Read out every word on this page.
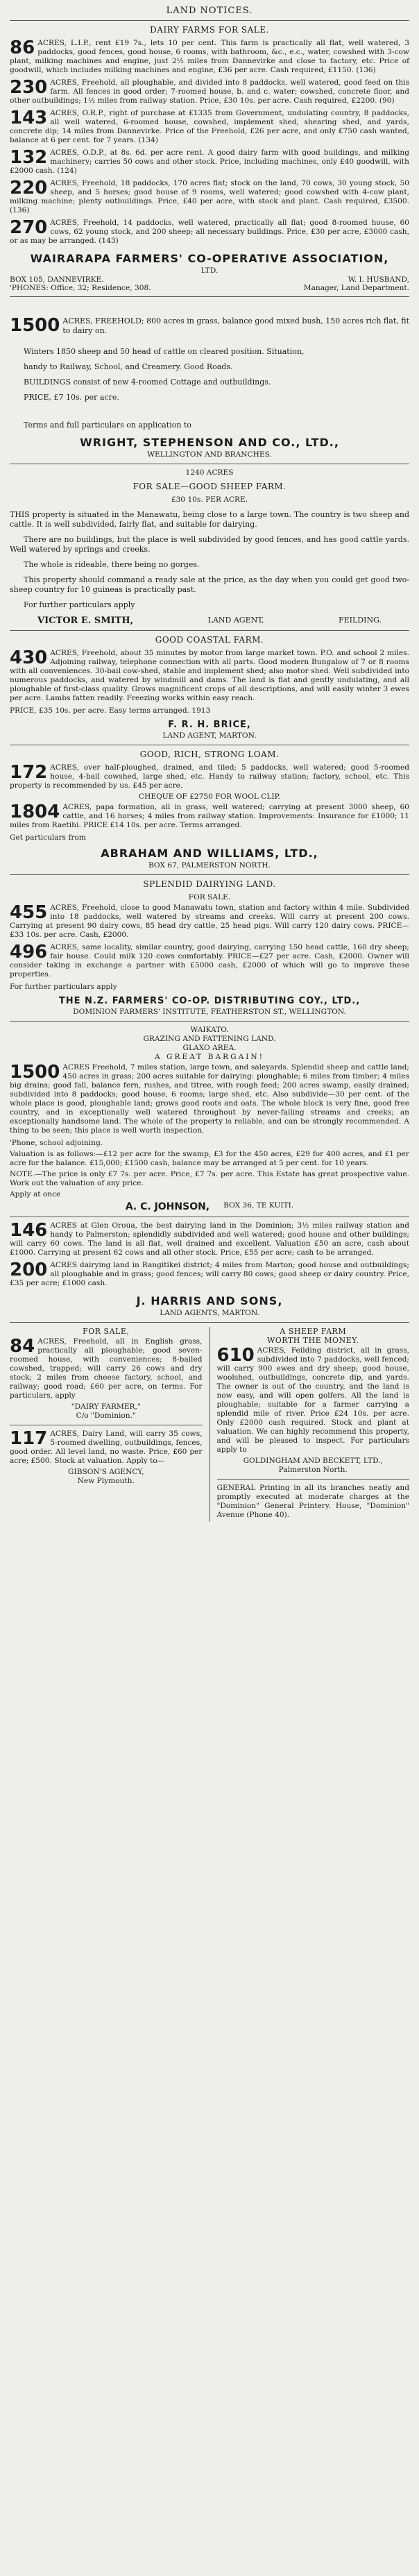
LAND NOTICES.
DAIRY FARMS FOR SALE.
86 ACRES, L.I.P., rent £19 7s., lets 10 per cent. This farm is practically all flat, well watered, 3 paddocks, good fences, good house, 6 rooms, with bathroom, &c., e.c., water, cowshed with 3-cow plant, milking machines and engine, just 2½ miles from Dannevirke and close to factory, etc. Price of goodwill, which includes milking machines and engine, £36 per acre. Cash required, £1150. (136)
230 ACRES, Freehold, all ploughable, and divided into 8 paddocks, well watered, good feed on this farm. All fences in good order; 7-roomed house, b. and c. water; cowshed, concrete floor, and other outbuildings; 1½ miles from railway station. Price, £30 10s. per acre. Cash required, £2200. (90)
143 ACRES, O.R.P., right of purchase at £1335 from Government, undulating country, 8 paddocks, all well watered, 6-roomed house, cowshed, implement shed, shearing shed, and yards, concrete dip; 14 miles from Dannevirke. Price of the Freehold, £26 per acre, and only £750 cash wanted, balance at 6 per cent. for 7 years. (134)
132 ACRES, O.D.P., at 8s. 6d. per acre rent. A good dairy farm with good buildings, and milking machinery; carries 50 cows and other stock. Price, including machines, only £40 goodwill, with £2000 cash. (124)
220 ACRES, Freehold, 18 paddocks, 170 acres flat; stock on the land, 70 cows, 30 young stock, 50 sheep, and 5 horses; good house of 9 rooms, well watered; good cowshed with 4-cow plant, milking machine; plenty outbuildings. Price, £40 per acre, with stock and plant. Cash required, £3500. (136)
270 ACRES, Freehold, 14 paddocks, well watered, practically all flat; good 8-roomed house, 60 cows, 62 young stock, and 200 sheep; all necessary buildings. Price, £30 per acre, £3000 cash, or as may be arranged. (143)
WAIRARAPA FARMERS' CO-OPERATIVE ASSOCIATION,
LTD.
BOX 105, DANNEVIRKE.	W. I. HUSBAND,
'PHONES: Office, 32; Residence, 308.	Manager, Land Department.
1500 ACRES, FREEHOLD; 800 acres in grass, balance good mixed bush, 150 acres rich flat, fit to dairy on.
Winters 1850 sheep and 50 head of cattle on cleared position. Situation,
handy to Railway, School, and Creamery. Good Roads.
BUILDINGS consist of new 4-roomed Cottage and outbuildings.
PRICE, £7 10s. per acre.
Terms and full particulars on application to
WRIGHT, STEPHENSON AND CO., LTD.,
WELLINGTON AND BRANCHES.
1240 ACRES
FOR SALE—GOOD SHEEP FARM.
£30 10s. PER ACRE.
THIS property is situated in the Manawatu, being close to a large town. The country is two sheep and cattle. It is well subdivided, fairly flat, and suitable for dairying.
There are no buildings, but the place is well subdivided by good fences, and has good cattle yards. Well watered by springs and creeks.
The whole is rideable, there being no gorges.
This property should command a ready sale at the price, as the day when you could get good two-sheep country for 10 guineas is practically past.
For further particulars apply
VICTOR E. SMITH,	LAND AGENT,	FEILDING.
GOOD COASTAL FARM.
430 ACRES, Freehold, about 35 minutes by motor from large market town. P.O. and school 2 miles. Adjoining railway, telephone connection with all parts. Good modern Bungalow of 7 or 8 rooms with all conveniences. 30-bail cow-shed, stable and implement shed; also motor shed. Well subdivided into numerous paddocks, and watered by windmill and dams. The land is flat and gently undulating, and all ploughable of first-class quality. Grows magnificent crops of all descriptions, and will easily winter 3 ewes per acre. Lambs fatten readily. Freezing works within easy reach.
PRICE, £35 10s. per acre. Easy terms arranged. 1913
F. R. H. BRICE,
LAND AGENT, MARTON.
GOOD, RICH, STRONG LOAM.
172 ACRES, over half-ploughed, drained, and tiled; 5 paddocks, well watered; good 5-roomed house, 4-bail cowshed, large shed, etc. Handy to railway station; factory, school, etc. This property is recommended by us. £45 per acre.
CHEQUE OF £2750 FOR WOOL CLIP.
1804 ACRES, papa formation, all in grass, well watered; carrying at present 3000 sheep, 60 cattle, and 16 horses; 4 miles from railway station. Improvements: Insurance for £1000; 11 miles from Raetihi. PRICE £14 10s. per acre. Terms arranged.
Get particulars from
ABRAHAM AND WILLIAMS, LTD.,
BOX 67, PALMERSTON NORTH.
SPLENDID DAIRYING LAND.
FOR SALE.
455 ACRES, Freehold, close to good Manawatu town, station and factory within 4 mile. Subdivided into 18 paddocks, well watered by streams and creeks. Will carry at present 200 cows. Carrying at present 90 dairy cows, 85 head dry cattle, 25 head pigs. Will carry 120 dairy cows. PRICE—£33 10s. per acre. Cash, £2000.
496 ACRES, same locality, similar country, good dairying, carrying 150 head cattle, 160 dry sheep; fair house. Could milk 120 cows comfortably. PRICE—£27 per acre. Cash, £2000. Owner will consider taking in exchange a partner with £5000 cash, £2000 of which will go to improve these properties.
For further particulars apply
THE N.Z. FARMERS' CO-OP. DISTRIBUTING COY., LTD.,
DOMINION FARMERS' INSTITUTE, FEATHERSTON ST., WELLINGTON.
WAIKATO.
GRAZING AND FATTENING LAND.
GLAXO AREA.
A GREAT BARGAIN!
1500 ACRES Freehold, 7 miles station, large town, and saleyards. Splendid sheep and cattle land; 450 acres in grass; 200 acres suitable for dairying: ploughable; 6 miles from timber; 4 miles big drains; good fall, balance fern, rushes, and titree, with rough feed; 200 acres swamp, easily drained; subdivided into 8 paddocks; good house, 6 rooms; large shed, etc. Also subdivide—30 per cent. of the whole place is good, ploughable land; grows good roots and oats. The whole block is very fine, good free country, and in exceptionally well watered throughout by never-failing streams and creeks; an exceptionally handsome land. The whole of the property is reliable, and can be strongly recommended. A thing to be seen; this place is well worth inspection.
'Phone, school adjoining.
Valuation is as follows:—£12 per acre for the swamp, £3 for the 450 acres, £29 for 400 acres, and £1 per acre for the balance. £15,000; £1500 cash, balance may be arranged at 5 per cent. for 10 years.
NOTE.—The price is only £7 7s. per acre. Price, £7 7s. per acre. This Estate has great prospective value. Work out the valuation of any price.
Apply at once
A. C. JOHNSON, BOX 36, TE KUITI.
146 ACRES at Glen Oroua, the best dairying land in the Dominion; 3½ miles railway station and handy to Palmerston; splendidly subdivided and well watered; good house and other buildings; will carry 60 cows. The land is all flat, well drained and excellent. Valuation £50 an acre, cash about £1000. Carrying at present 62 cows and all other stock. Price, £55 per acre; cash to be arranged.
200 ACRES dairying land in Rangitikei district; 4 miles from Marton; good house and outbuildings; all ploughable and in grass; good fences; will carry 80 cows; good sheep or dairy country. Price, £35 per acre; £1000 cash.
J. HARRIS AND SONS,
LAND AGENTS, MARTON.
FOR SALE,
84 ACRES, Freehold, all in English grass, practically all ploughable; good seven-roomed house, with conveniences; 8-bailed cowshed, trapped; will carry 26 cows and dry stock; 2 miles from cheese factory, school, and railway; good road; £60 per acre, on terms. For particulars, apply
"DAIRY FARMER,"
C/o "Dominion."
117 ACRES, Dairy Land, will carry 35 cows, 5-roomed dwelling, outbuildings, fences, good order. All level land, no waste. Price, £60 per acre; £500. Stock at valuation. Apply to—
GIBSON'S AGENCY,
New Plymouth.
A SHEEP FARM
WORTH THE MONEY.
610 ACRES, Feilding district, all in grass, subdivided into 7 paddocks, well fenced; will carry 900 ewes and dry sheep; good house, woolshed, outbuildings, concrete dip, and yards. The owner is out of the country, and the land is now easy, and will open golfers. All the land is ploughable; suitable for a farmer carrying a splendid mile of river. Price £24 10s. per acre. Only £2000 cash required. Stock and plant at valuation. We can highly recommend this property, and will be pleased to inspect. For particulars apply to
GOLDINGHAM AND BECKETT, LTD.,
Palmerston North.
GENERAL Printing in all its branches neatly and promptly executed at moderate charges at the "Dominion" General Printery. House, "Dominion" Avenue (Phone 40).
